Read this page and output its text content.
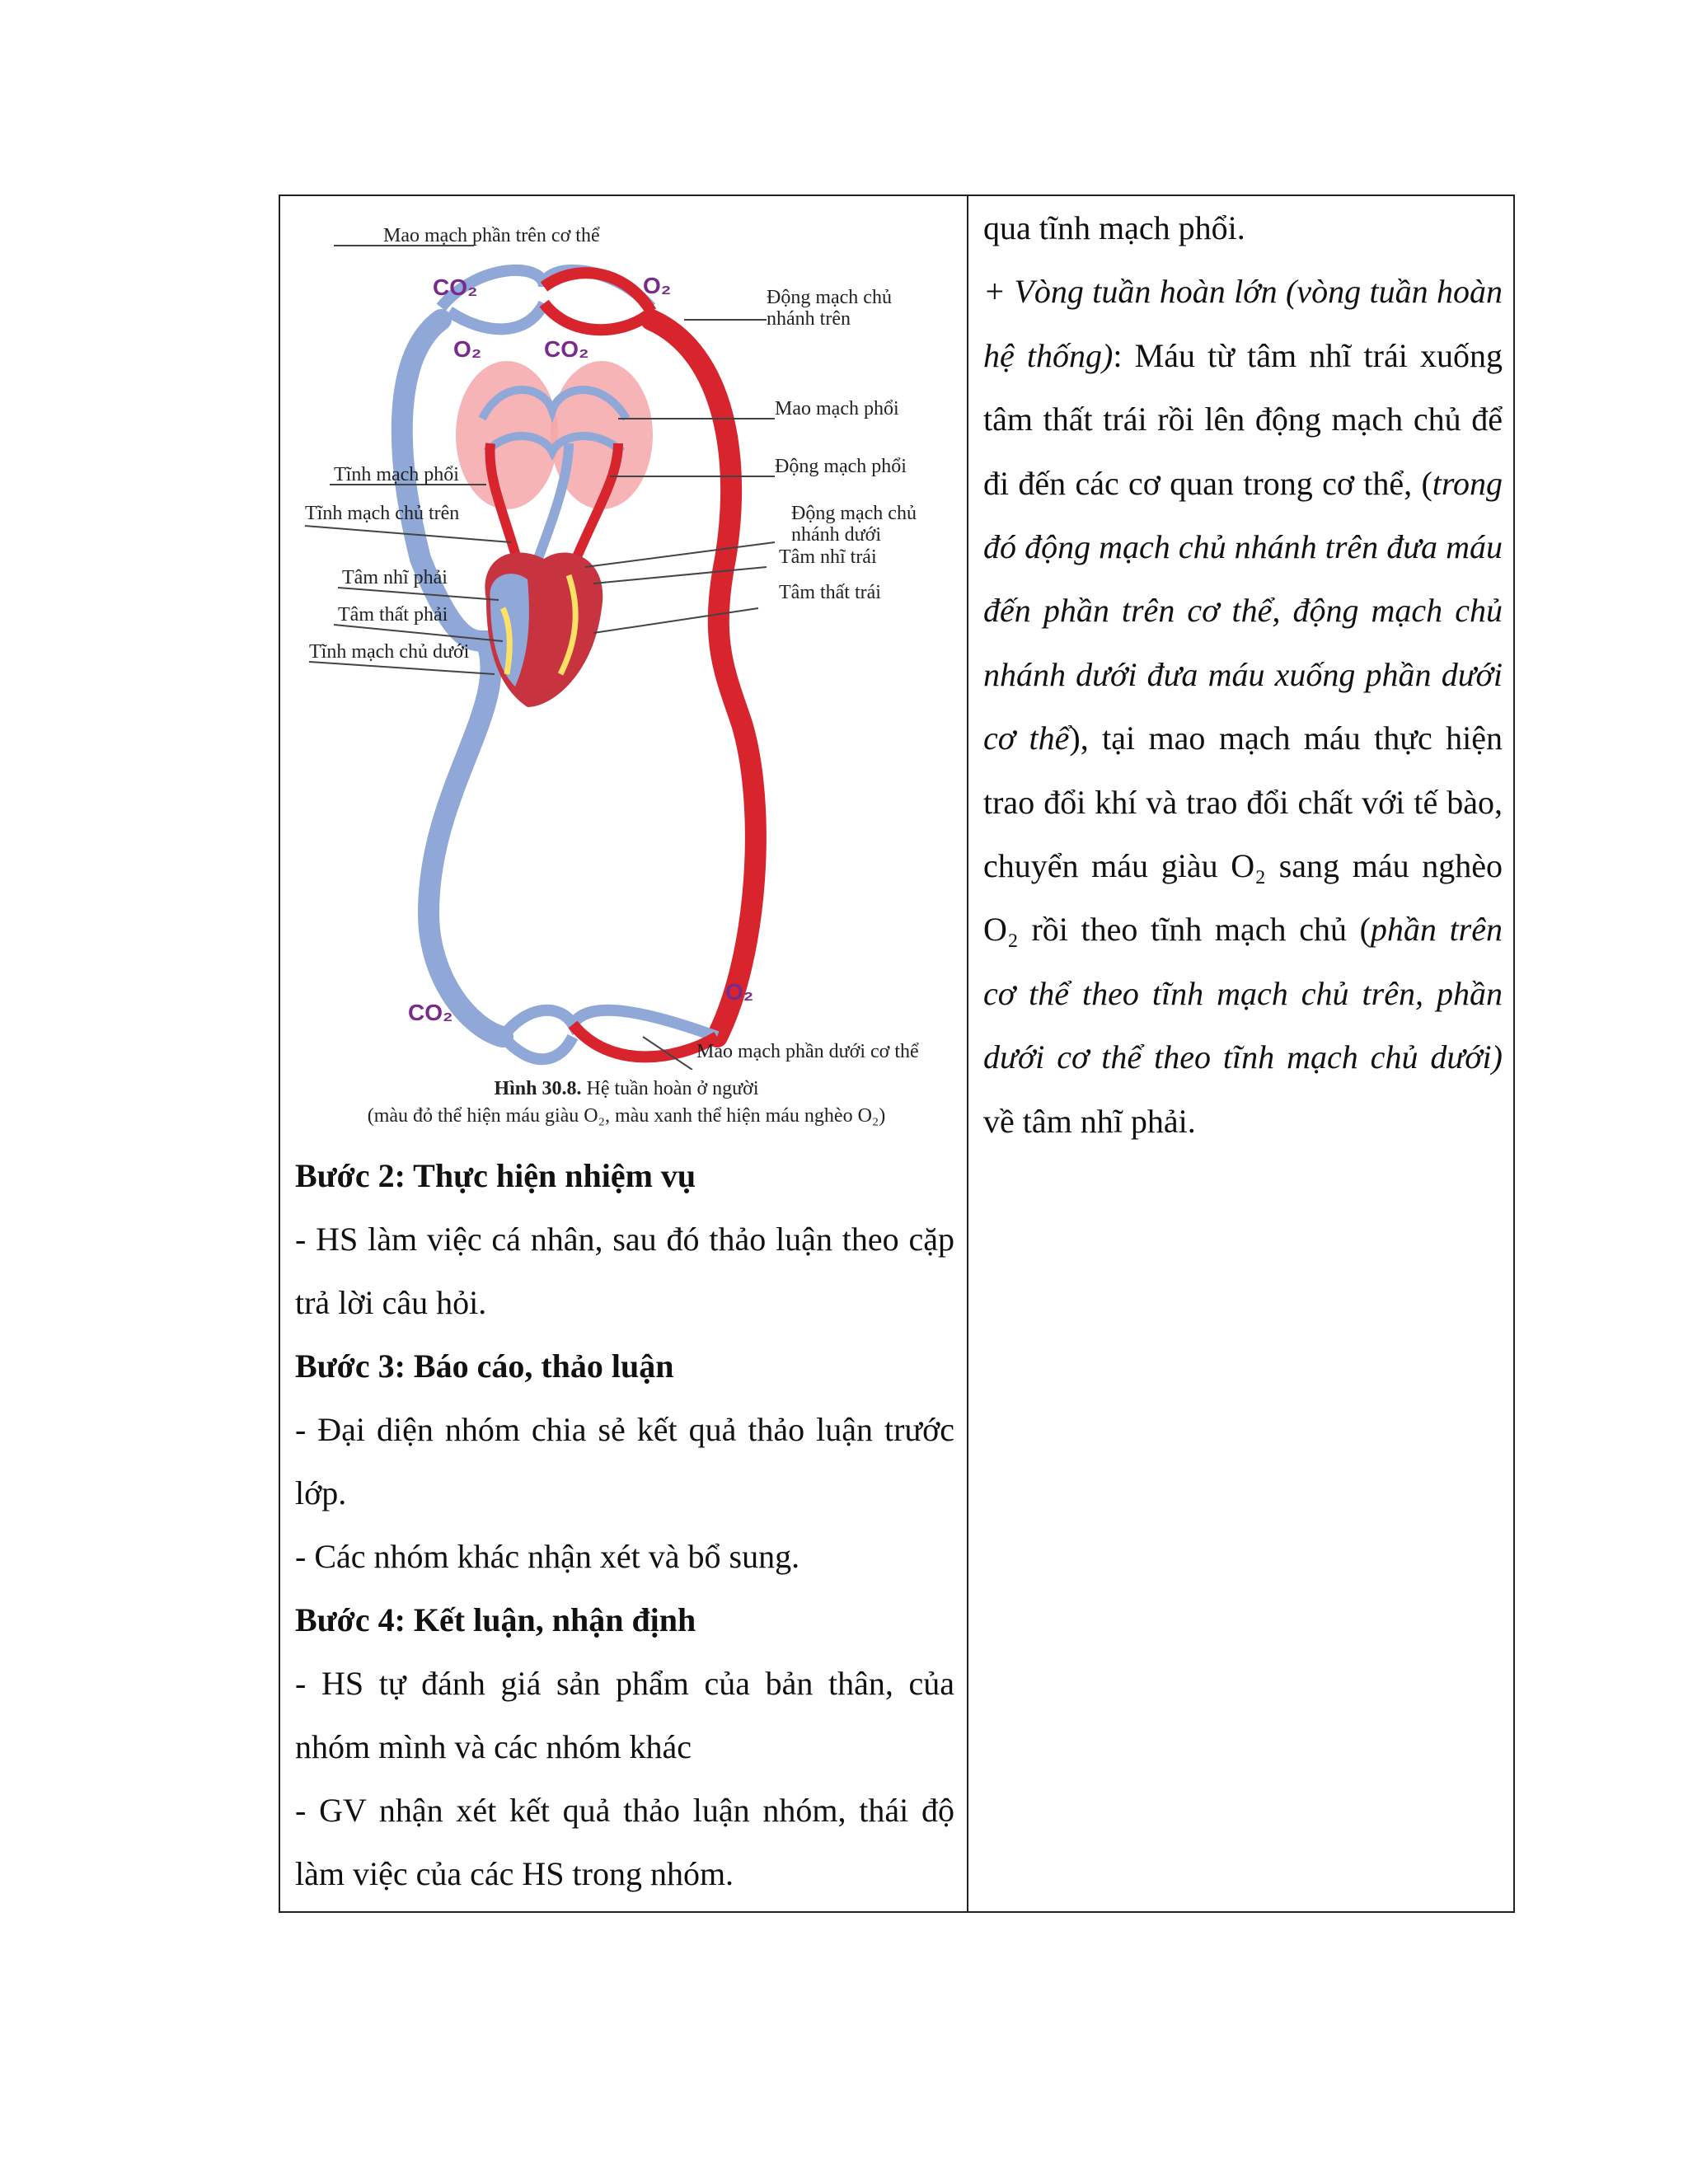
CO₂	O₂
O₂	CO₂
CO₂
O₂
Mao mạch phần trên cơ thể
Động mạch chủ nhánh trên
Mao mạch phổi
Tĩnh mạch phổi	Động mạch phổi
Tĩnh mạch chủ trên	Động mạch chủ nhánh dưới
Tâm nhĩ trái
Tâm nhĩ phải
Tâm thất trái
Tâm thất phải
Tĩnh mạch chủ dưới
Mao mạch phần dưới cơ thể
Hình 30.8. Hệ tuần hoàn ở người
(màu đỏ thể hiện máu giàu O₂, màu xanh thể hiện máu nghèo O₂)

Bước 2: Thực hiện nhiệm vụ

- HS làm việc cá nhân, sau đó thảo luận theo cặp trả lời câu hỏi.

Bước 3: Báo cáo, thảo luận

- Đại diện nhóm chia sẻ kết quả thảo luận trước lớp.

- Các nhóm khác nhận xét và bổ sung.

Bước 4: Kết luận, nhận định

- HS tự đánh giá sản phẩm của bản thân, của nhóm mình và các nhóm khác

- GV nhận xét kết quả thảo luận nhóm, thái độ làm việc của các HS trong nhóm.

qua tĩnh mạch phổi.

+ Vòng tuần hoàn lớn (vòng tuần hoàn hệ thống): Máu từ tâm nhĩ trái xuống tâm thất trái rồi lên động mạch chủ để đi đến các cơ quan trong cơ thể, (trong đó động mạch chủ nhánh trên đưa máu đến phần trên cơ thể, động mạch chủ nhánh dưới đưa máu xuống phần dưới cơ thể), tại mao mạch máu thực hiện trao đổi khí và trao đổi chất với tế bào, chuyển máu giàu O₂ sang máu nghèo O₂ rồi theo tĩnh mạch chủ (phần trên cơ thể theo tĩnh mạch chủ trên, phần dưới cơ thể theo tĩnh mạch chủ dưới) về tâm nhĩ phải.
